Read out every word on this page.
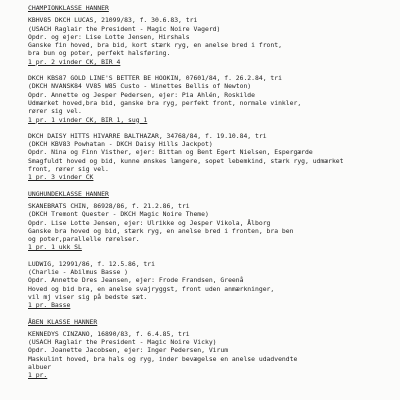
CHAMPIONKLASSE HANNER
KBHV85 DKCH LUCAS, 21099/83, f. 30.6.83, tri
(USACH Raglair the President - Magic Noire Vagerd)
Opdr. og ejer: Lise Lotte Jensen, Hirshals
Ganske fin hoved, bra bid, kort stærk ryg, en anelse bred i front,
bra bun og poter, perfekt halsføring.
1 pr. 2 vinder CK, BIR 4
DKCH KBS87 GOLD LINE'S BETTER BE HOOKIN, 07601/84, f. 26.2.84, tri
(DKCH NVANSK84 VV85 W85 Custo - Winettes Bellis of Newton)
Opdr. Annette og Jesper Pedersen, ejer: Pia Ahlén, Roskilde
Udmærket hoved,bra bid, ganske bra ryg, perfekt front, normale vinkler,
rører sig vel.
1 pr. 1 vinder CK, BIR 1, sug 1
DKCH DAISY HITTS HIVARRE BALTHAZAR, 34768/84, f. 19.10.84, tri
(DKCH KBV83 Powhatan - DKCH Daisy Hills Jackpot)
Opdr. Nina og Finn Visther, ejer: Bittan og Bent Egert Nielsen, Espergærde
Smagfuldt hoved og bid, kunne ønskes længere, sopet lebemkind, stærk ryg, udmærket
front, rører sig vel.
1 pr. 3 vinder CK
UNGHUNDEKLASSE HANNER
SKANEBRATS CHIN, 86928/86, f. 21.2.86, tri
(DKCH Tremont Quester - DKCH Magic Noire Theme)
Opdr. Lise Lotte Jensen, ejer: Ulrikke og Jesper Vikola, Ålborg
Ganske bra hoved og bid, stærk ryg, en anelse bred i fronten, bra ben
og poter,parallelle rørelser.
1 pr. 1 ukk SL
LUDWIG, 12991/86, f. 12.5.86, tri
(Charlie - Abilmus Basse )
Opdr. Annette Dres Jeansen, ejer: Frode Frandsen, Greenå
Hoved og bid bra, en anelse svajryggst, front uden anmærkninger,
vil mj viser sig på bedste sæt.
1 pr. Basse
ÅBEN KLASSE HANNER
KENNEDYS CINZANO, 16890/83, f. 6.4.85, tri
(USACH Raglair the President - Magic Noire Vicky)
Opdr. Joanette Jacobsen, ejer: Inger Pedersen, Virum
Maskulint hoved, bra hals og ryg, inder bevægelse en anelse udadvendte
albuer
1 pr.
